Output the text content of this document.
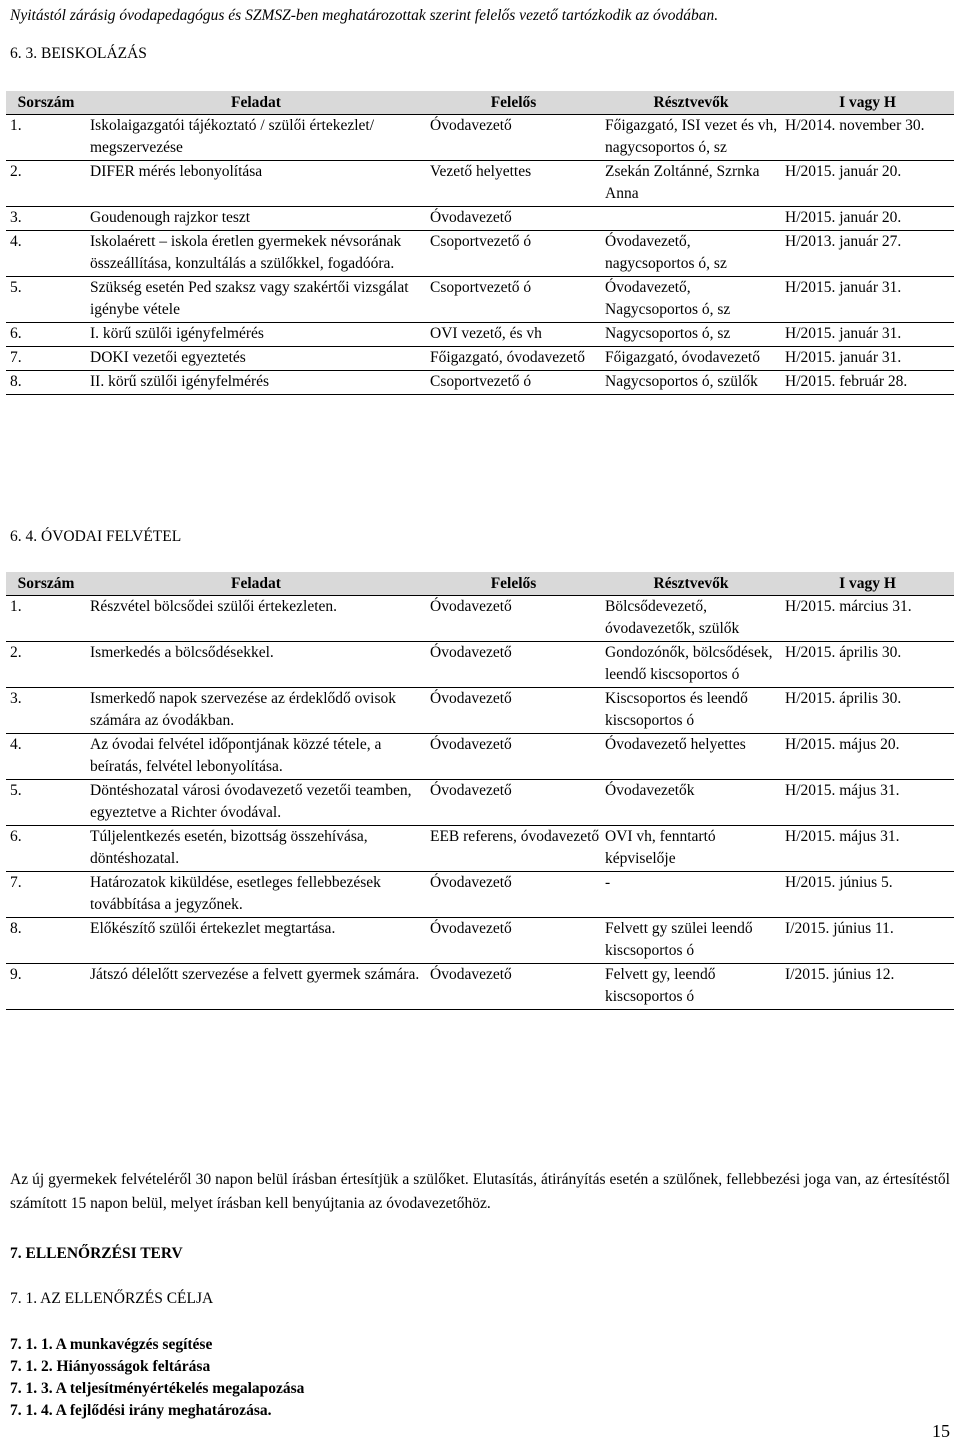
Nyitástól zárásig óvodapedagógus és SZMSZ-ben meghatározottak szerint felelős vezető tartózkodik az óvodában.
6. 3. BEISKOLÁZÁS
Sorszám	Feladat	Felelős	Résztvevők	I vagy H
1.	Iskolaigazgatói tájékoztató / szülői értekezlet/ megszervezése	Óvodavezető	Főigazgató, ISI vezet és vh, nagycsoportos ó, sz	H/2014. november 30.
2.	DIFER mérés lebonyolítása	Vezető helyettes	Zsekán Zoltánné, Szrnka Anna	H/2015. január 20.
3.	Goudenough rajzkor teszt	Óvodavezető		H/2015. január 20.
4.	Iskolaérett – iskola éretlen gyermekek névsorának összeállítása, konzultálás a szülőkkel, fogadóóra.	Csoportvezető ó	Óvodavezető, nagycsoportos ó, sz	H/2013. január 27.
5.	Szükség esetén Ped szaksz vagy szakértői vizsgálat igénybe vétele	Csoportvezető ó	Óvodavezető, Nagycsoportos ó, sz	H/2015. január 31.
6.	I. körű szülői igényfelmérés	OVI vezető, és vh	Nagycsoportos ó, sz	H/2015. január 31.
7.	DOKI vezetői egyeztetés	Főigazgató, óvodavezető	Főigazgató, óvodavezető	H/2015. január 31.
8.	II. körű szülői igényfelmérés	Csoportvezető ó	Nagycsoportos ó, szülők	H/2015. február 28.
6. 4. ÓVODAI FELVÉTEL
Sorszám	Feladat	Felelős	Résztvevők	I vagy H
1.	Részvétel bölcsődei szülői értekezleten.	Óvodavezető	Bölcsődevezető, óvodavezetők, szülők	H/2015. március 31.
2.	Ismerkedés a bölcsődésekkel.	Óvodavezető	Gondozónők, bölcsődések, leendő kiscsoportos ó	H/2015. április 30.
3.	Ismerkedő napok szervezése az érdeklődő ovisok számára az óvodákban.	Óvodavezető	Kiscsoportos és leendő kiscsoportos ó	H/2015. április 30.
4.	Az óvodai felvétel időpontjának közzé tétele, a beíratás, felvétel lebonyolítása.	Óvodavezető	Óvodavezető helyettes	H/2015. május 20.
5.	Döntéshozatal városi óvodavezető vezetői teamben, egyeztetve a Richter óvodával.	Óvodavezető	Óvodavezetők	H/2015. május 31.
6.	Túljelentkezés esetén, bizottság összehívása, döntéshozatal.	EEB referens, óvodavezető	OVI vh, fenntartó képviselője	H/2015. május 31.
7.	Határozatok kiküldése, esetleges fellebbezések továbbítása a jegyzőnek.	Óvodavezető	-	H/2015. június 5.
8.	Előkészítő szülői értekezlet megtartása.	Óvodavezető	Felvett gy szülei leendő kiscsoportos ó	I/2015. június 11.
9.	Játszó délelőtt szervezése a felvett gyermek számára.	Óvodavezető	Felvett gy, leendő kiscsoportos ó	I/2015. június 12.
Az új gyermekek felvételéről 30 napon belül írásban értesítjük a szülőket. Elutasítás, átirányítás esetén a szülőnek, fellebbezési joga van, az értesítéstől számított 15 napon belül, melyet írásban kell benyújtania az óvodavezetőhöz.
7. ELLENŐRZÉSI TERV
7. 1. AZ ELLENŐRZÉS CÉLJA
7. 1. 1. A munkavégzés segítése
7. 1. 2. Hiányosságok feltárása
7. 1. 3. A teljesítményértékelés megalapozása
7. 1. 4. A fejlődési irány meghatározása.
15
